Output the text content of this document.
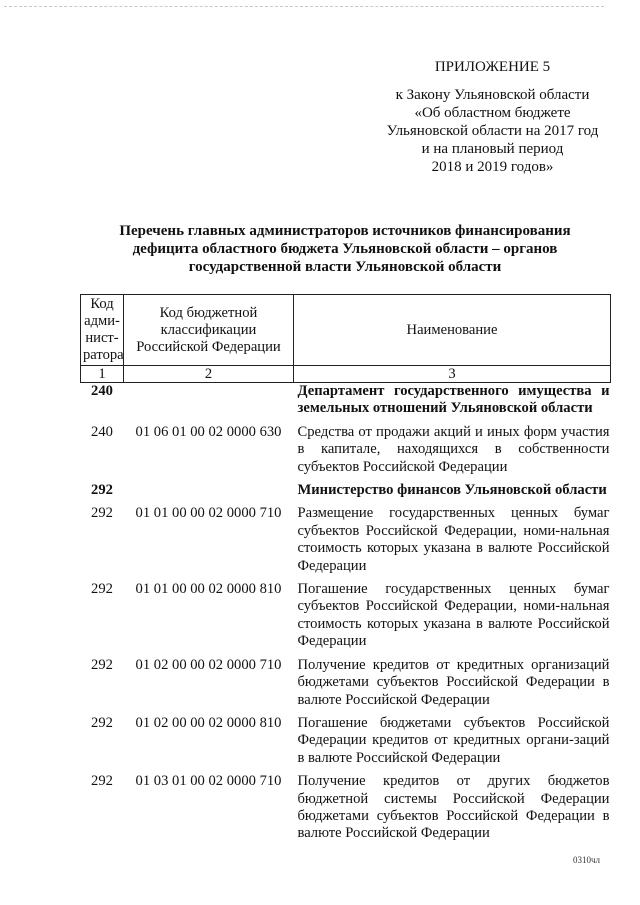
ПРИЛОЖЕНИЕ 5
к Закону Ульяновской области
«Об областном бюджете
Ульяновской области на 2017 год
и на плановый период
2018 и 2019 годов»
Перечень главных администраторов источников финансирования
дефицита областного бюджета Ульяновской области – органов
государственной власти Ульяновской области
Код адми-нист-ратора	Код бюджетной классификации Российской Федерации	Наименование
1	2	3
240		Департамент государственного имущества и земельных отношений Ульяновской области
240	01 06 01 00 02 0000 630	Средства от продажи акций и иных форм участия в капитале, находящихся в собственности субъектов Российской Федерации
292		Министерство финансов Ульяновской области
292	01 01 00 00 02 0000 710	Размещение государственных ценных бумаг субъектов Российской Федерации, номи-нальная стоимость которых указана в валюте Российской Федерации
292	01 01 00 00 02 0000 810	Погашение государственных ценных бумаг субъектов Российской Федерации, номи-нальная стоимость которых указана в валюте Российской Федерации
292	01 02 00 00 02 0000 710	Получение кредитов от кредитных организаций бюджетами субъектов Российской Федерации в валюте Российской Федерации
292	01 02 00 00 02 0000 810	Погашение бюджетами субъектов Российской Федерации кредитов от кредитных органи-заций в валюте Российской Федерации
292	01 03 01 00 02 0000 710	Получение кредитов от других бюджетов бюджетной системы Российской Федерации бюджетами субъектов Российской Федерации в валюте Российской Федерации
0310чл
